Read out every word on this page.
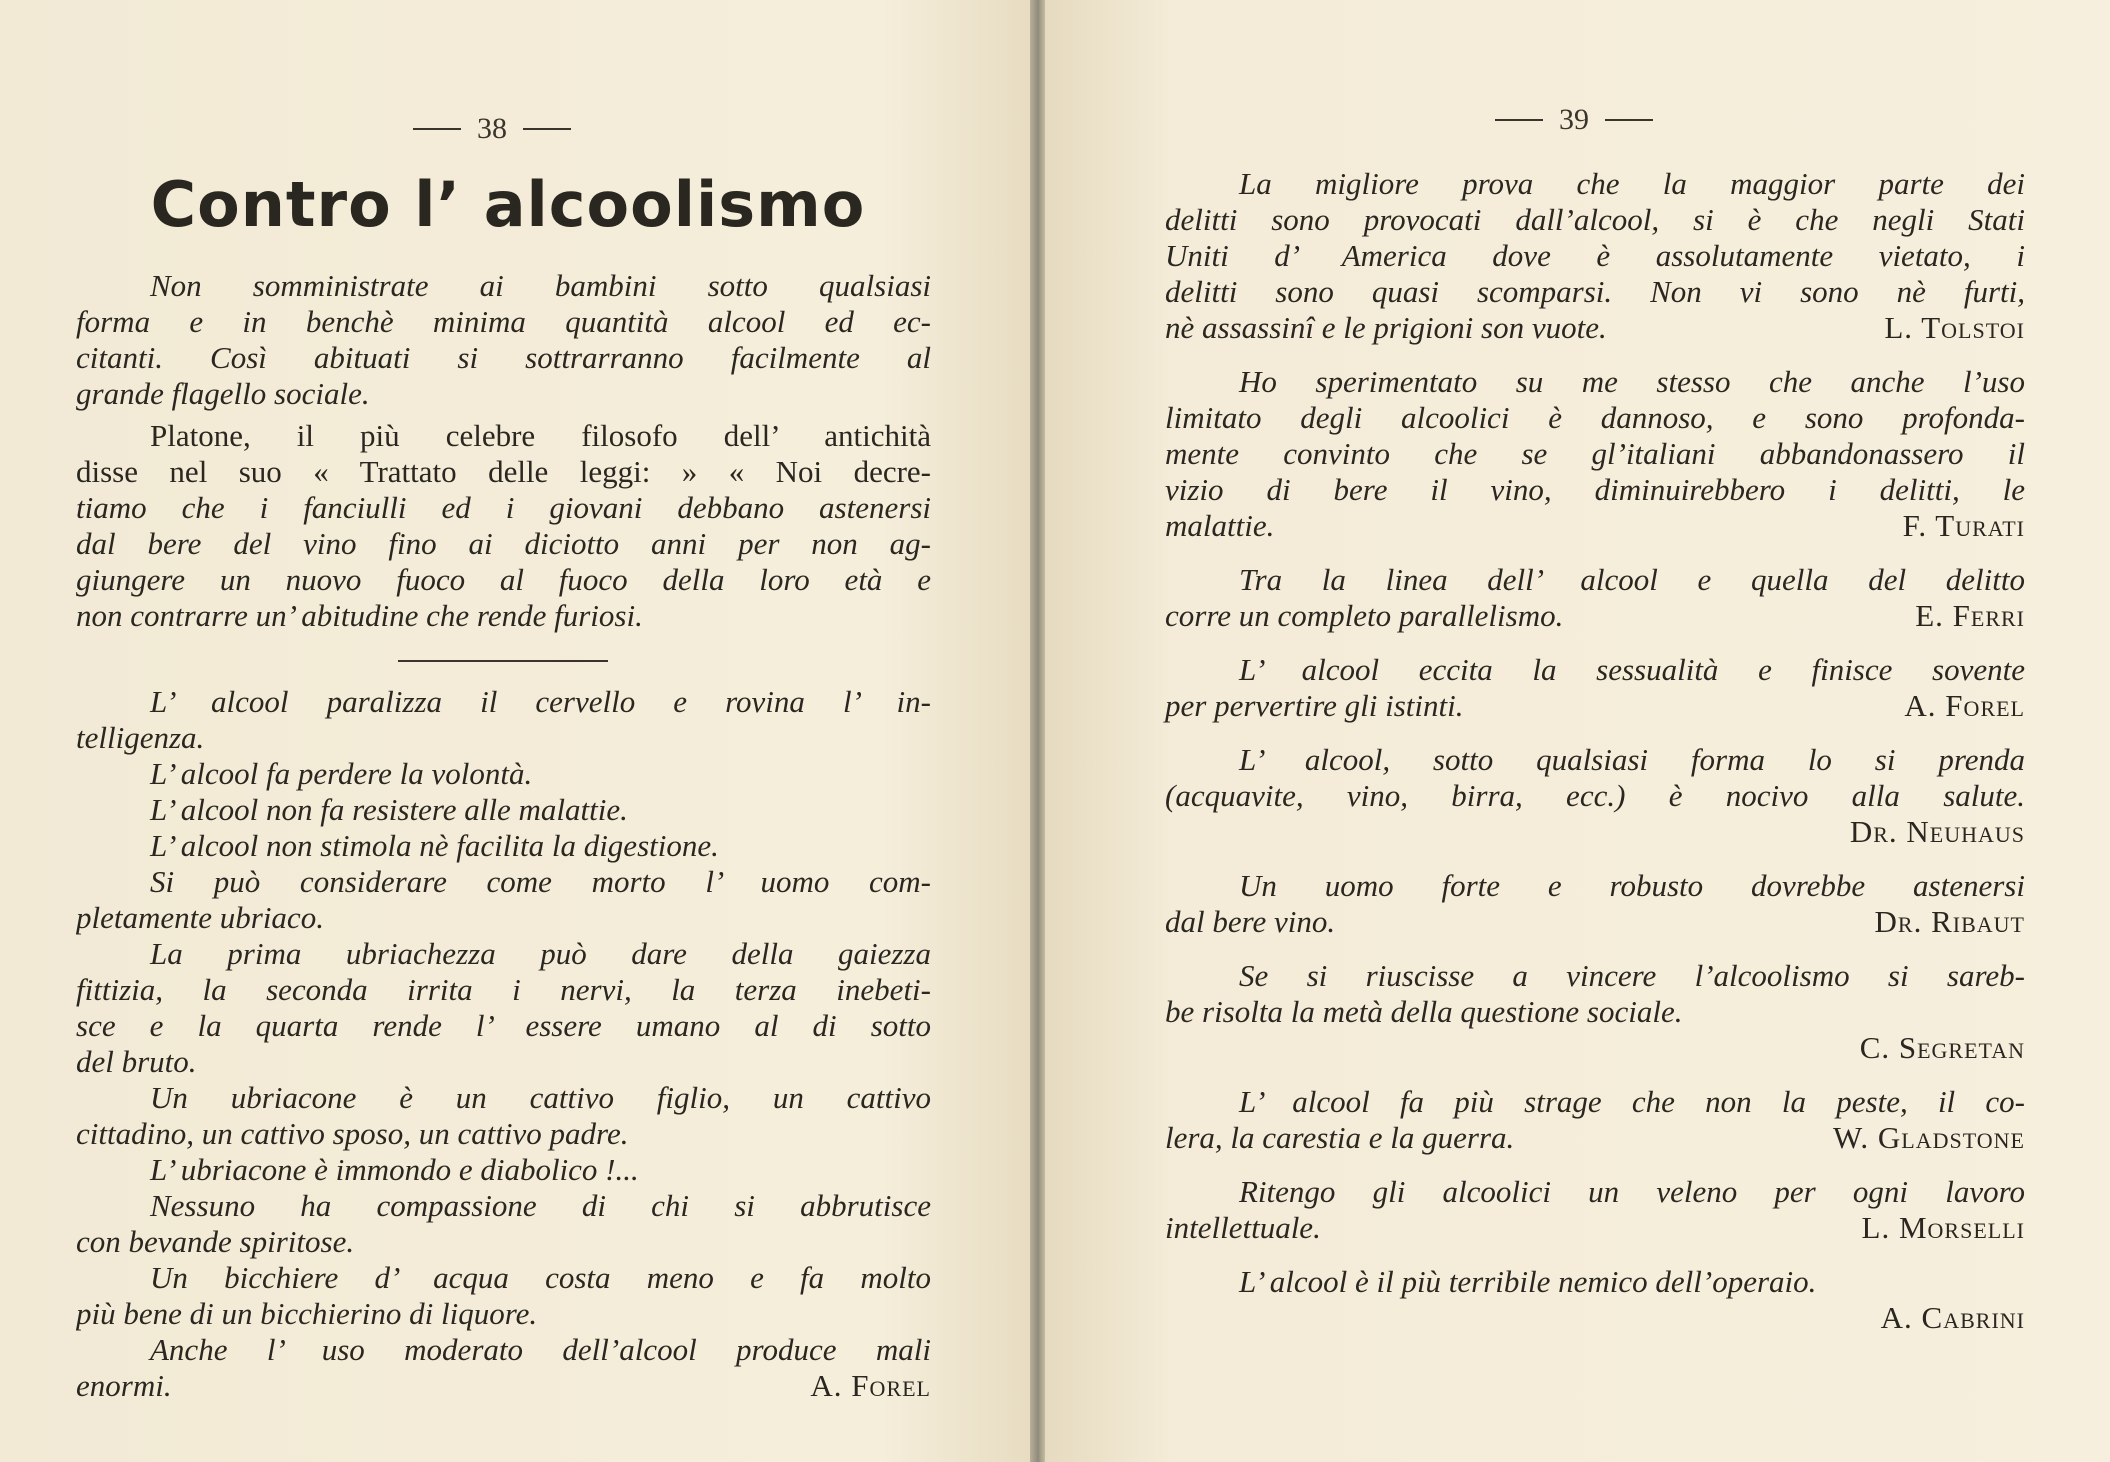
38
Contro l’ alcoolismo
Non somministrate ai bambini sotto qualsiasi
forma e in benchè minima quantità alcool ed ec-
citanti. Così abituati si sottrarranno facilmente al
grande flagello sociale.
Platone, il più celebre filosofo dell’ antichità
disse nel suo « Trattato delle leggi: » « Noi decre-
tiamo che i fanciulli ed i giovani debbano astenersi
dal bere del vino fino ai diciotto anni per non ag-
giungere un nuovo fuoco al fuoco della loro età e
non contrarre un’ abitudine che rende furiosi.
L’ alcool paralizza il cervello e rovina l’ in-
telligenza.
L’ alcool fa perdere la volontà.
L’ alcool non fa resistere alle malattie.
L’ alcool non stimola nè facilita la digestione.
Si può considerare come morto l’ uomo com-
pletamente ubriaco.
La prima ubriachezza può dare della gaiezza
fittizia, la seconda irrita i nervi, la terza inebeti-
sce e la quarta rende l’ essere umano al di sotto
del bruto.
Un ubriacone è un cattivo figlio, un cattivo
cittadino, un cattivo sposo, un cattivo padre.
L’ ubriacone è immondo e diabolico !...
Nessuno ha compassione di chi si abbrutisce
con bevande spiritose.
Un bicchiere d’ acqua costa meno e fa molto
più bene di un bicchierino di liquore.
Anche l’ uso moderato dell’alcool produce mali
enormi.	A. Forel
39
La migliore prova che la maggior parte dei
delitti sono provocati dall’alcool, si è che negli Stati
Uniti d’ America dove è assolutamente vietato, i
delitti sono quasi scomparsi. Non vi sono nè furti,
nè assassinî e le prigioni son vuote.	L. Tolstoi
Ho sperimentato su me stesso che anche l’uso
limitato degli alcoolici è dannoso, e sono profonda-
mente convinto che se gl’italiani abbandonassero il
vizio di bere il vino, diminuirebbero i delitti, le
malattie.	F. Turati
Tra la linea dell’ alcool e quella del delitto
corre un completo parallelismo.	E. Ferri
L’ alcool eccita la sessualità e finisce sovente
per pervertire gli istinti.	A. Forel
L’ alcool, sotto qualsiasi forma lo si prenda
(acquavite, vino, birra, ecc.) è nocivo alla salute.
Dr. Neuhaus
Un uomo forte e robusto dovrebbe astenersi
dal bere vino.	Dr. Ribaut
Se si riuscisse a vincere l’alcoolismo si sareb-
be risolta la metà della questione sociale.
C. Segretan
L’ alcool fa più strage che non la peste, il co-
lera, la carestia e la guerra.	W. Gladstone
Ritengo gli alcoolici un veleno per ogni lavoro
intellettuale.	L. Morselli
L’ alcool è il più terribile nemico dell’operaio.
A. Cabrini
